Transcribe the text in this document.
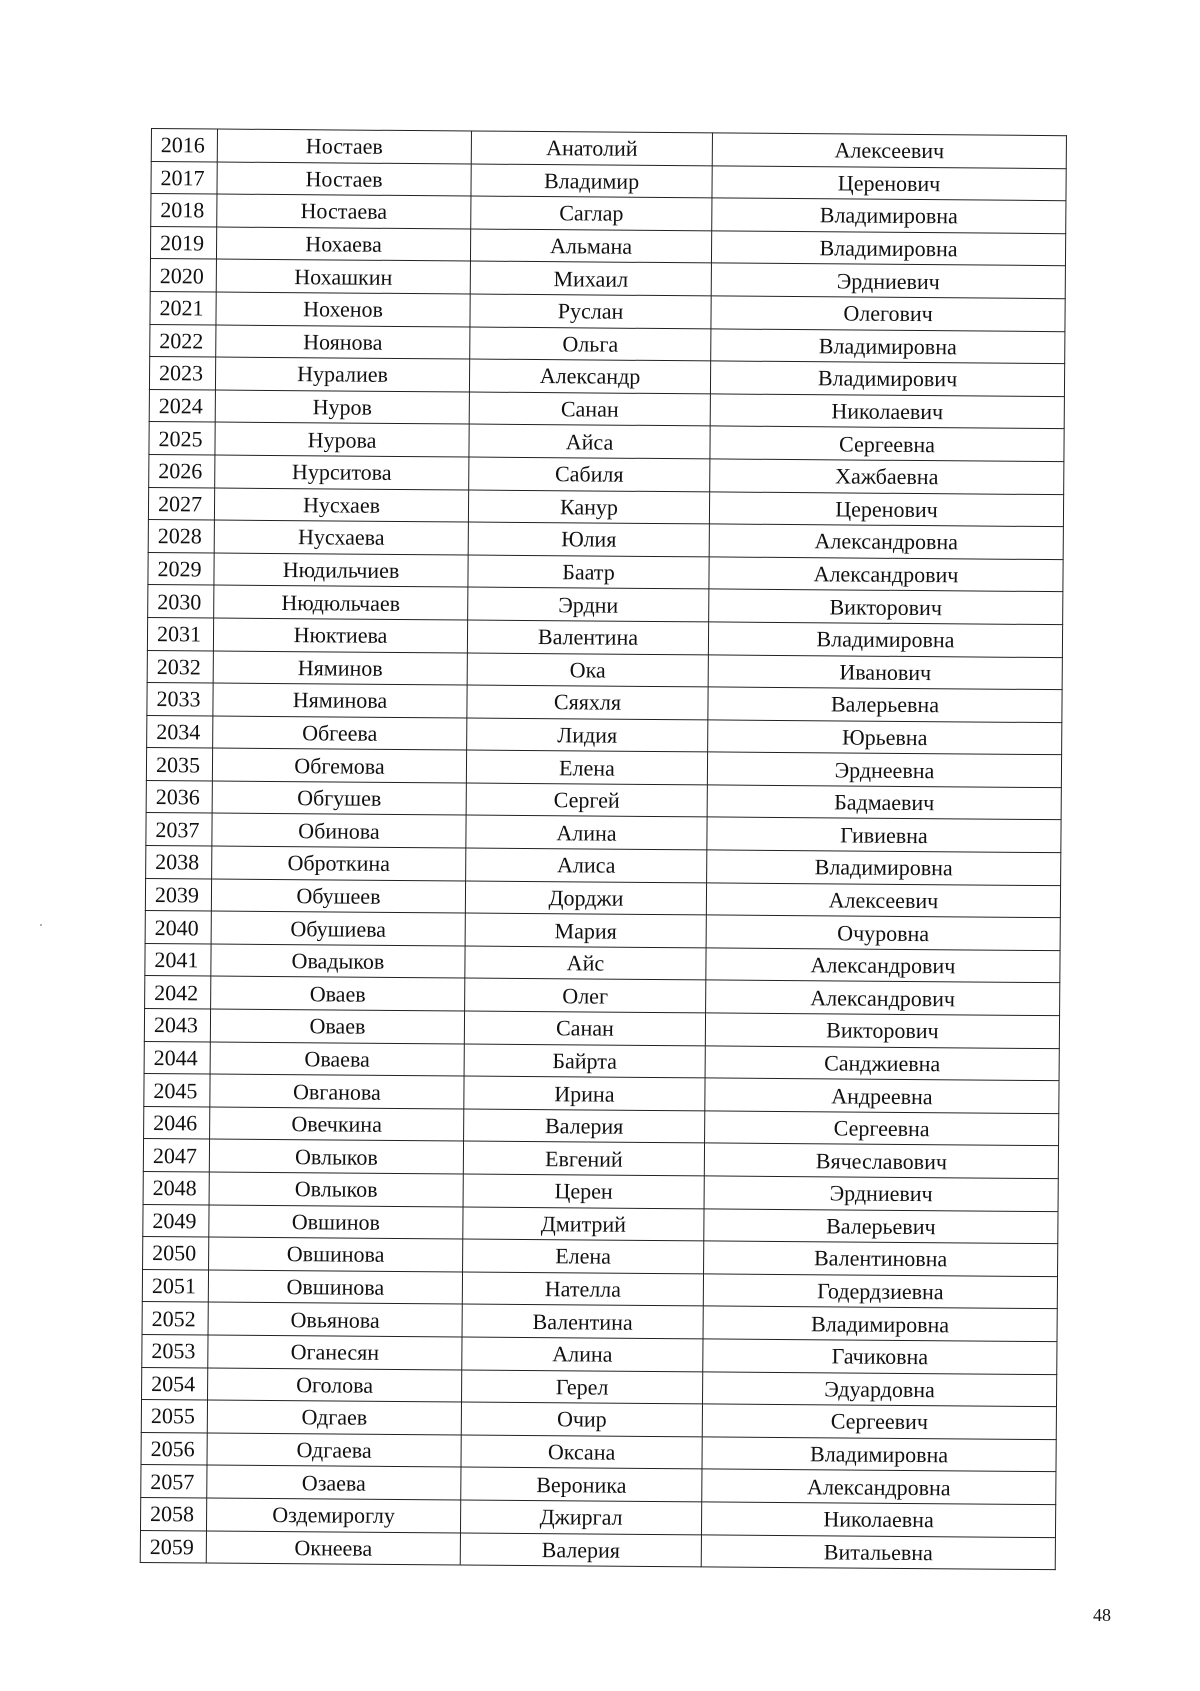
2016	Ностаев	Анатолий	Алексеевич
2017	Ностаев	Владимир	Церенович
2018	Ностаева	Саглар	Владимировна
2019	Нохаева	Альмана	Владимировна
2020	Нохашкин	Михаил	Эрдниевич
2021	Нохенов	Руслан	Олегович
2022	Ноянова	Ольга	Владимировна
2023	Нуралиев	Александр	Владимирович
2024	Нуров	Санан	Николаевич
2025	Нурова	Айса	Сергеевна
2026	Нурситова	Сабиля	Хажбаевна
2027	Нусхаев	Канур	Церенович
2028	Нусхаева	Юлия	Александровна
2029	Нюдильчиев	Баатр	Александрович
2030	Нюдюльчаев	Эрдни	Викторович
2031	Нюктиева	Валентина	Владимировна
2032	Няминов	Ока	Иванович
2033	Няминова	Сяяхля	Валерьевна
2034	Обгеева	Лидия	Юрьевна
2035	Обгемова	Елена	Эрднеевна
2036	Обгушев	Сергей	Бадмаевич
2037	Обинова	Алина	Гивиевна
2038	Оброткина	Алиса	Владимировна
2039	Обушеев	Дорджи	Алексеевич
2040	Обушиева	Мария	Очуровна
2041	Овадыков	Айс	Александрович
2042	Оваев	Олег	Александрович
2043	Оваев	Санан	Викторович
2044	Оваева	Байрта	Санджиевна
2045	Овганова	Ирина	Андреевна
2046	Овечкина	Валерия	Сергеевна
2047	Овлыков	Евгений	Вячеславович
2048	Овлыков	Церен	Эрдниевич
2049	Овшинов	Дмитрий	Валерьевич
2050	Овшинова	Елена	Валентиновна
2051	Овшинова	Нателла	Годердзиевна
2052	Овьянова	Валентина	Владимировна
2053	Оганесян	Алина	Гачиковна
2054	Оголова	Герел	Эдуардовна
2055	Одгаев	Очир	Сергеевич
2056	Одгаева	Оксана	Владимировна
2057	Озаева	Вероника	Александровна
2058	Оздемироглу	Джиргал	Николаевна
2059	Окнеева	Валерия	Витальевна
48
